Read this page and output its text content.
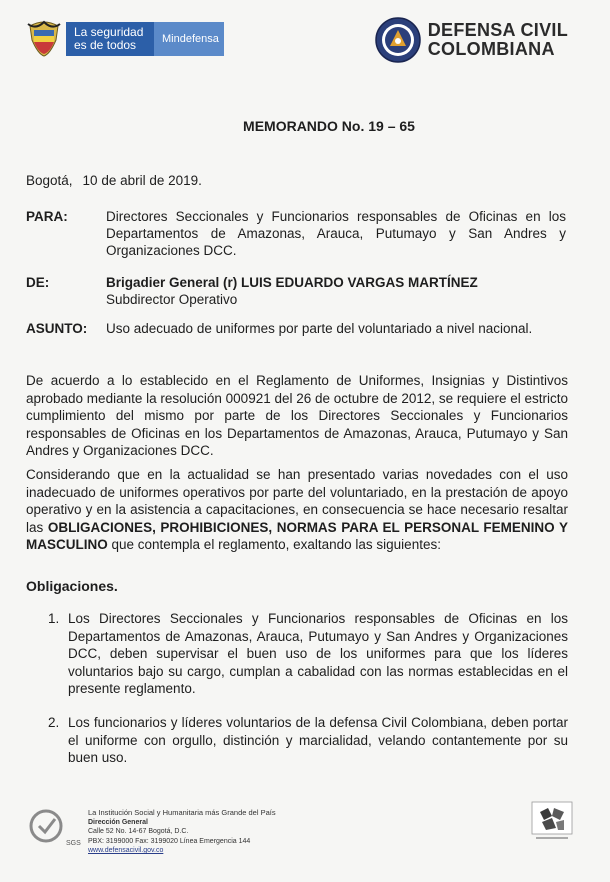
La seguridad
es de todos	Mindefensa	DEFENSA CIVIL
COLOMBIANA
MEMORANDO No. 19 – 65
Bogotá, 10 de abril de 2019.
PARA:	Directores Seccionales y Funcionarios responsables de Oficinas en los Departamentos de Amazonas, Arauca, Putumayo y San Andres y Organizaciones DCC.
DE:	Brigadier General (r) LUIS EDUARDO VARGAS MARTÍNEZ
Subdirector Operativo
ASUNTO:	Uso adecuado de uniformes por parte del voluntariado a nivel nacional.
De acuerdo a lo establecido en el Reglamento de Uniformes, Insignias y Distintivos aprobado mediante la resolución 000921 del 26 de octubre de 2012, se requiere el estricto cumplimiento del mismo por parte de los Directores Seccionales y Funcionarios responsables de Oficinas en los Departamentos de Amazonas, Arauca, Putumayo y San Andres y Organizaciones DCC.
Considerando que en la actualidad se han presentado varias novedades con el uso inadecuado de uniformes operativos por parte del voluntariado, en la prestación de apoyo operativo y en la asistencia a capacitaciones, en consecuencia se hace necesario resaltar las OBLIGACIONES, PROHIBICIONES, NORMAS PARA EL PERSONAL FEMENINO Y MASCULINO que contempla el reglamento, exaltando las siguientes:
Obligaciones.
1. Los Directores Seccionales y Funcionarios responsables de Oficinas en los Departamentos de Amazonas, Arauca, Putumayo y San Andres y Organizaciones DCC, deben supervisar el buen uso de los uniformes para que los líderes voluntarios bajo su cargo, cumplan a cabalidad con las normas establecidas en el presente reglamento.
2. Los funcionarios y líderes voluntarios de la defensa Civil Colombiana, deben portar el uniforme con orgullo, distinción y marcialidad, velando contantemente por su buen uso.
SGS
La Institución Social y Humanitaria más Grande del País
Dirección General
Calle 52 No. 14-67 Bogotá, D.C.
PBX: 3199000 Fax: 3199020 Línea Emergencia 144
www.defensacivil.gov.co
